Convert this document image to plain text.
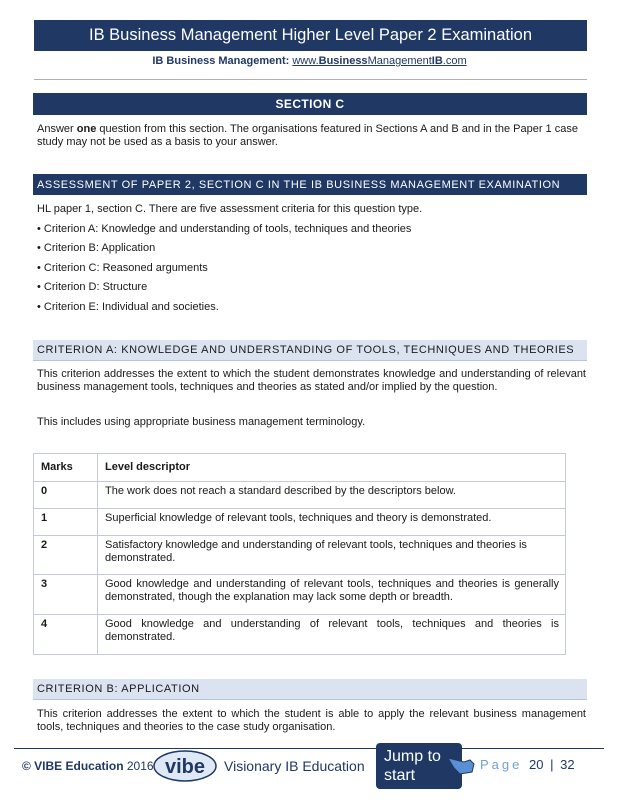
IB Business Management Higher Level Paper 2 Examination
IB Business Management: www.BusinessManagementIB.com
SECTION C
Answer one question from this section. The organisations featured in Sections A and B and in the Paper 1 case study may not be used as a basis to your answer.
ASSESSMENT OF PAPER 2, SECTION C IN THE IB BUSINESS MANAGEMENT EXAMINATION
HL paper 1, section C. There are five assessment criteria for this question type.
• Criterion A: Knowledge and understanding of tools, techniques and theories
• Criterion B: Application
• Criterion C: Reasoned arguments
• Criterion D: Structure
• Criterion E: Individual and societies.
CRITERION A: KNOWLEDGE AND UNDERSTANDING OF TOOLS, TECHNIQUES AND THEORIES
This criterion addresses the extent to which the student demonstrates knowledge and understanding of relevant business management tools, techniques and theories as stated and/or implied by the question.
This includes using appropriate business management terminology.
Marks	Level descriptor
0	The work does not reach a standard described by the descriptors below.
1	Superficial knowledge of relevant tools, techniques and theory is demonstrated.
2	Satisfactory knowledge and understanding of relevant tools, techniques and theories is demonstrated.
3	Good knowledge and understanding of relevant tools, techniques and theories is generally demonstrated, though the explanation may lack some depth or breadth.
4	Good knowledge and understanding of relevant tools, techniques and theories is demonstrated.
CRITERION B: APPLICATION
This criterion addresses the extent to which the student is able to apply the relevant business management tools, techniques and theories to the case study organisation.
© VIBE Education 2016 vibe Visionary IB Education
Jump to start
Page 20 | 32
